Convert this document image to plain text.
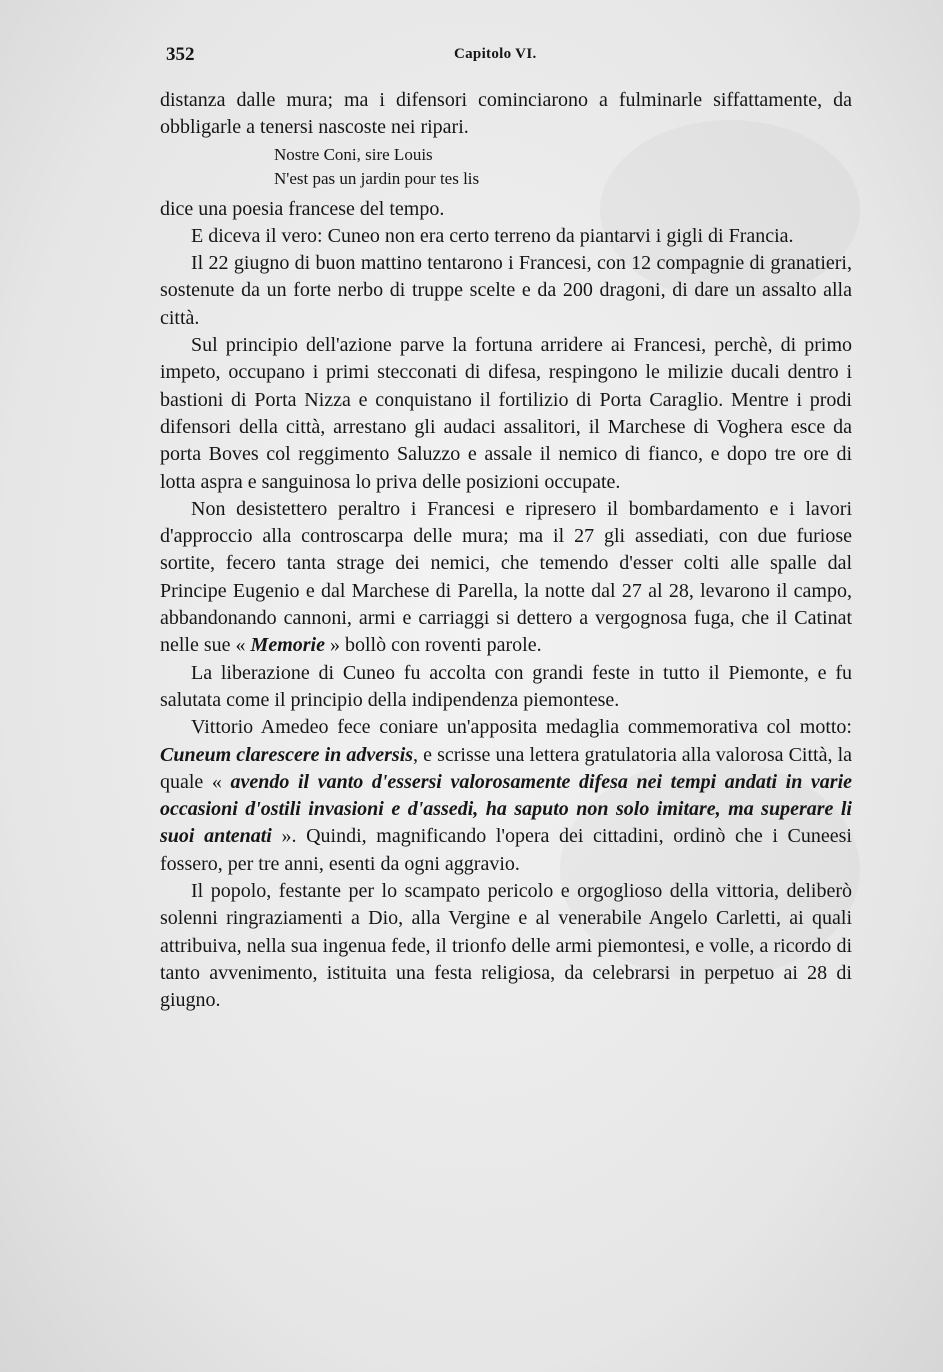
352	Capitolo VI.

distanza dalle mura; ma i difensori cominciarono a fulminarle siffattamente, da obbligarle a tenersi nascoste nei ripari.

Nostre Coni, sire Louis
N'est pas un jardin pour tes lis

dice una poesia francese del tempo.

E diceva il vero: Cuneo non era certo terreno da piantarvi i gigli di Francia.

Il 22 giugno di buon mattino tentarono i Francesi, con 12 compagnie di granatieri, sostenute da un forte nerbo di truppe scelte e da 200 dragoni, di dare un assalto alla città.

Sul principio dell'azione parve la fortuna arridere ai Francesi, perchè, di primo impeto, occupano i primi stecconati di difesa, respingono le milizie ducali dentro i bastioni di Porta Nizza e conquistano il fortilizio di Porta Caraglio. Mentre i prodi difensori della città, arrestano gli audaci assalitori, il Marchese di Voghera esce da porta Boves col reggimento Saluzzo e assale il nemico di fianco, e dopo tre ore di lotta aspra e sanguinosa lo priva delle posizioni occupate.

Non desistettero peraltro i Francesi e ripresero il bombardamento e i lavori d'approccio alla controscarpa delle mura; ma il 27 gli assediati, con due furiose sortite, fecero tanta strage dei nemici, che temendo d'esser colti alle spalle dal Principe Eugenio e dal Marchese di Parella, la notte dal 27 al 28, levarono il campo, abbandonando cannoni, armi e carriaggi si dettero a vergognosa fuga, che il Catinat nelle sue « Memorie » bollò con roventi parole.

La liberazione di Cuneo fu accolta con grandi feste in tutto il Piemonte, e fu salutata come il principio della indipendenza piemontese.

Vittorio Amedeo fece coniare un'apposita medaglia commemorativa col motto: Cuneum clarescere in adversis, e scrisse una lettera gratulatoria alla valorosa Città, la quale « avendo il vanto d'essersi valorosamente difesa nei tempi andati in varie occasioni d'ostili invasioni e d'assedi, ha saputo non solo imitare, ma superare li suoi antenati ». Quindi, magnificando l'opera dei cittadini, ordinò che i Cuneesi fossero, per tre anni, esenti da ogni aggravio.

Il popolo, festante per lo scampato pericolo e orgoglioso della vittoria, deliberò solenni ringraziamenti a Dio, alla Vergine e al venerabile Angelo Carletti, ai quali attribuiva, nella sua ingenua fede, il trionfo delle armi piemontesi, e volle, a ricordo di tanto avvenimento, istituita una festa religiosa, da celebrarsi in perpetuo ai 28 di giugno.
